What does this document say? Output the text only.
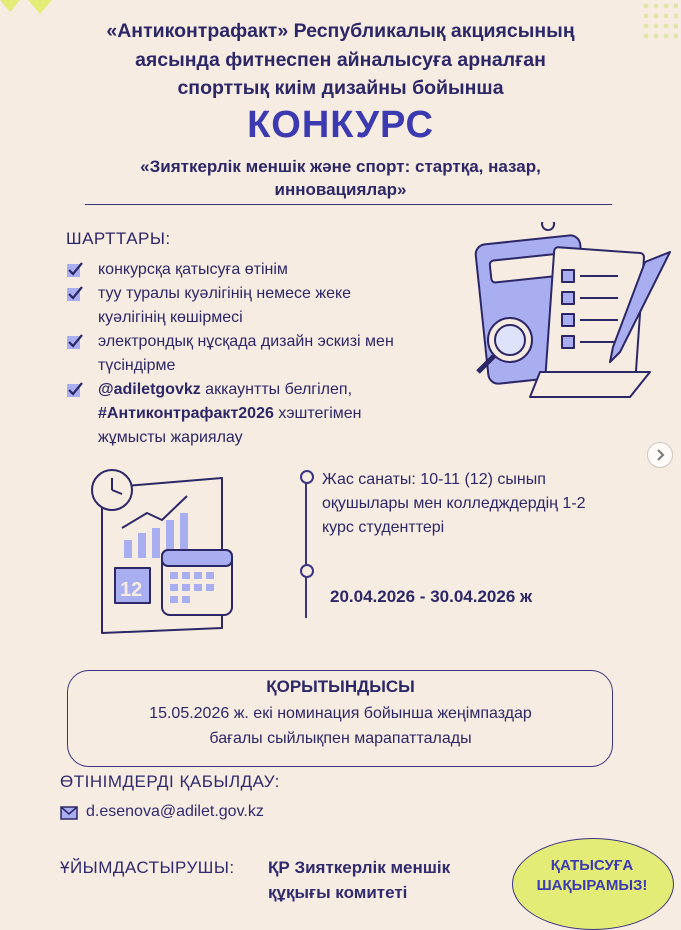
«Антиконтрафакт» Республикалық акциясының
аясында фитнеспен айналысуға арналған
спорттық киім дизайны бойынша
КОНКУРС
«Зияткерлік меншік және спорт: стартқа, назар,
инновациялар»
ШАРТТАРЫ:
конкурсқа қатысуға өтінім
туу туралы куәлігінің немесе жеке
куәлігінің көшірмесі
электрондық нұсқада дизайн эскизі мен
түсіндірме
@adiletgovkz аккаунтты белгілеп,
#Антиконтрафакт2026 хэштегімен
жұмысты жариялау
12
Жас санаты: 10-11 (12) сынып
оқушылары мен колледждердің 1-2
курс студенттері
20.04.2026 - 30.04.2026 ж
ҚОРЫТЫНДЫСЫ
15.05.2026 ж. екі номинация бойынша жеңімпаздар
бағалы сыйлықпен марапатталады
ӨТІНІМДЕРДІ ҚАБЫЛДАУ:
d.esenova@adilet.gov.kz
ҰЙЫМДАСТЫРУШЫ: ҚР Зияткерлік меншік
құқығы комитеті
ҚАТЫСУҒА
ШАҚЫРАМЫЗ!
